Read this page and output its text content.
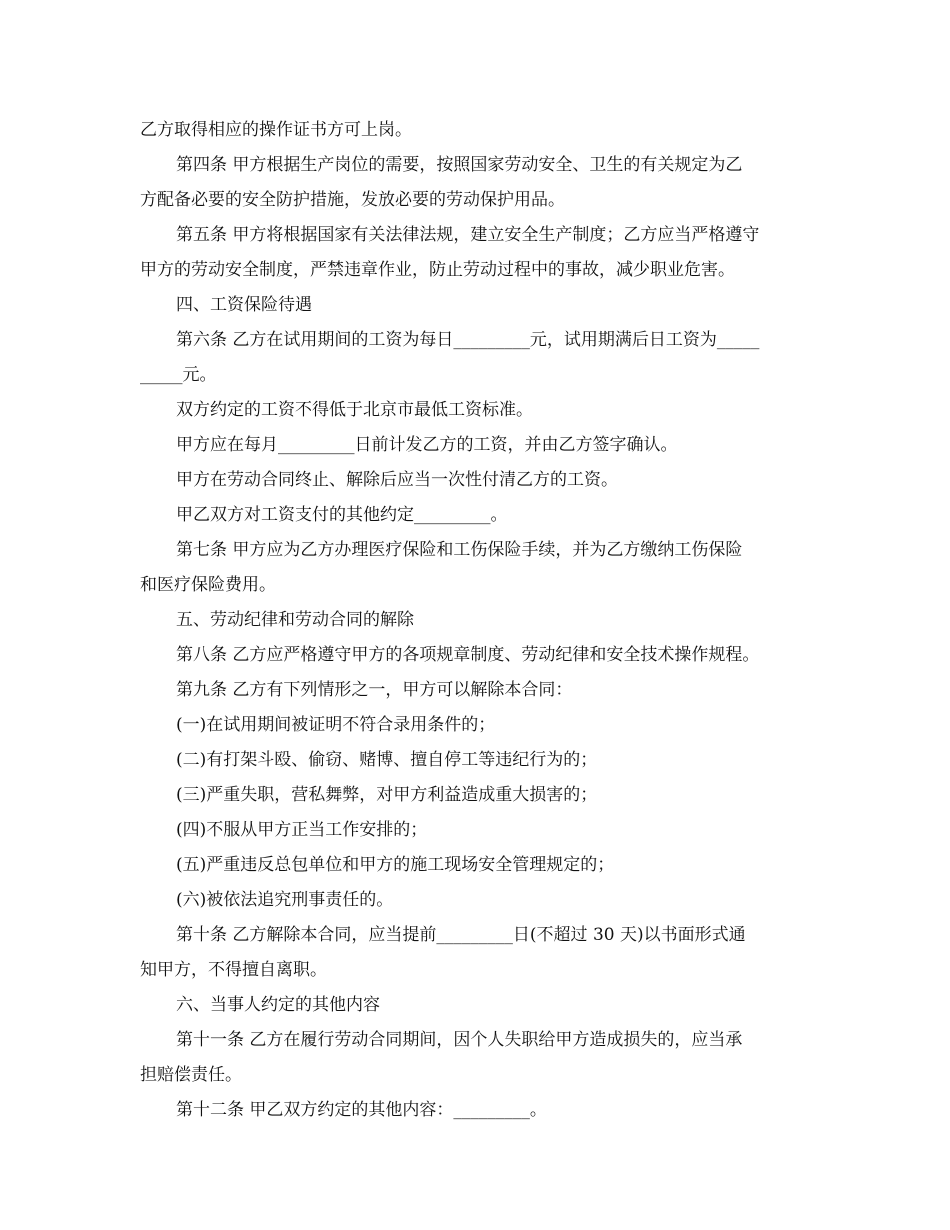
乙方取得相应的操作证书方可上岗。
第四条 甲方根据生产岗位的需要，按照国家劳动安全、卫生的有关规定为乙
方配备必要的安全防护措施，发放必要的劳动保护用品。
第五条 甲方将根据国家有关法律法规，建立安全生产制度；乙方应当严格遵守
甲方的劳动安全制度，严禁违章作业，防止劳动过程中的事故，减少职业危害。
四、工资保险待遇
第六条 乙方在试用期间的工资为每日_________元，试用期满后日工资为_____
_____元。
双方约定的工资不得低于北京市最低工资标准。
甲方应在每月_________日前计发乙方的工资，并由乙方签字确认。
甲方在劳动合同终止、解除后应当一次性付清乙方的工资。
甲乙双方对工资支付的其他约定_________。
第七条 甲方应为乙方办理医疗保险和工伤保险手续，并为乙方缴纳工伤保险
和医疗保险费用。
五、劳动纪律和劳动合同的解除
第八条 乙方应严格遵守甲方的各项规章制度、劳动纪律和安全技术操作规程。
第九条 乙方有下列情形之一，甲方可以解除本合同：
(一)在试用期间被证明不符合录用条件的；
(二)有打架斗殴、偷窃、赌博、擅自停工等违纪行为的；
(三)严重失职，营私舞弊，对甲方利益造成重大损害的；
(四)不服从甲方正当工作安排的；
(五)严重违反总包单位和甲方的施工现场安全管理规定的；
(六)被依法追究刑事责任的。
第十条 乙方解除本合同，应当提前_________日(不超过 30 天)以书面形式通
知甲方，不得擅自离职。
六、当事人约定的其他内容
第十一条 乙方在履行劳动合同期间，因个人失职给甲方造成损失的，应当承
担赔偿责任。
第十二条 甲乙双方约定的其他内容：_________。
